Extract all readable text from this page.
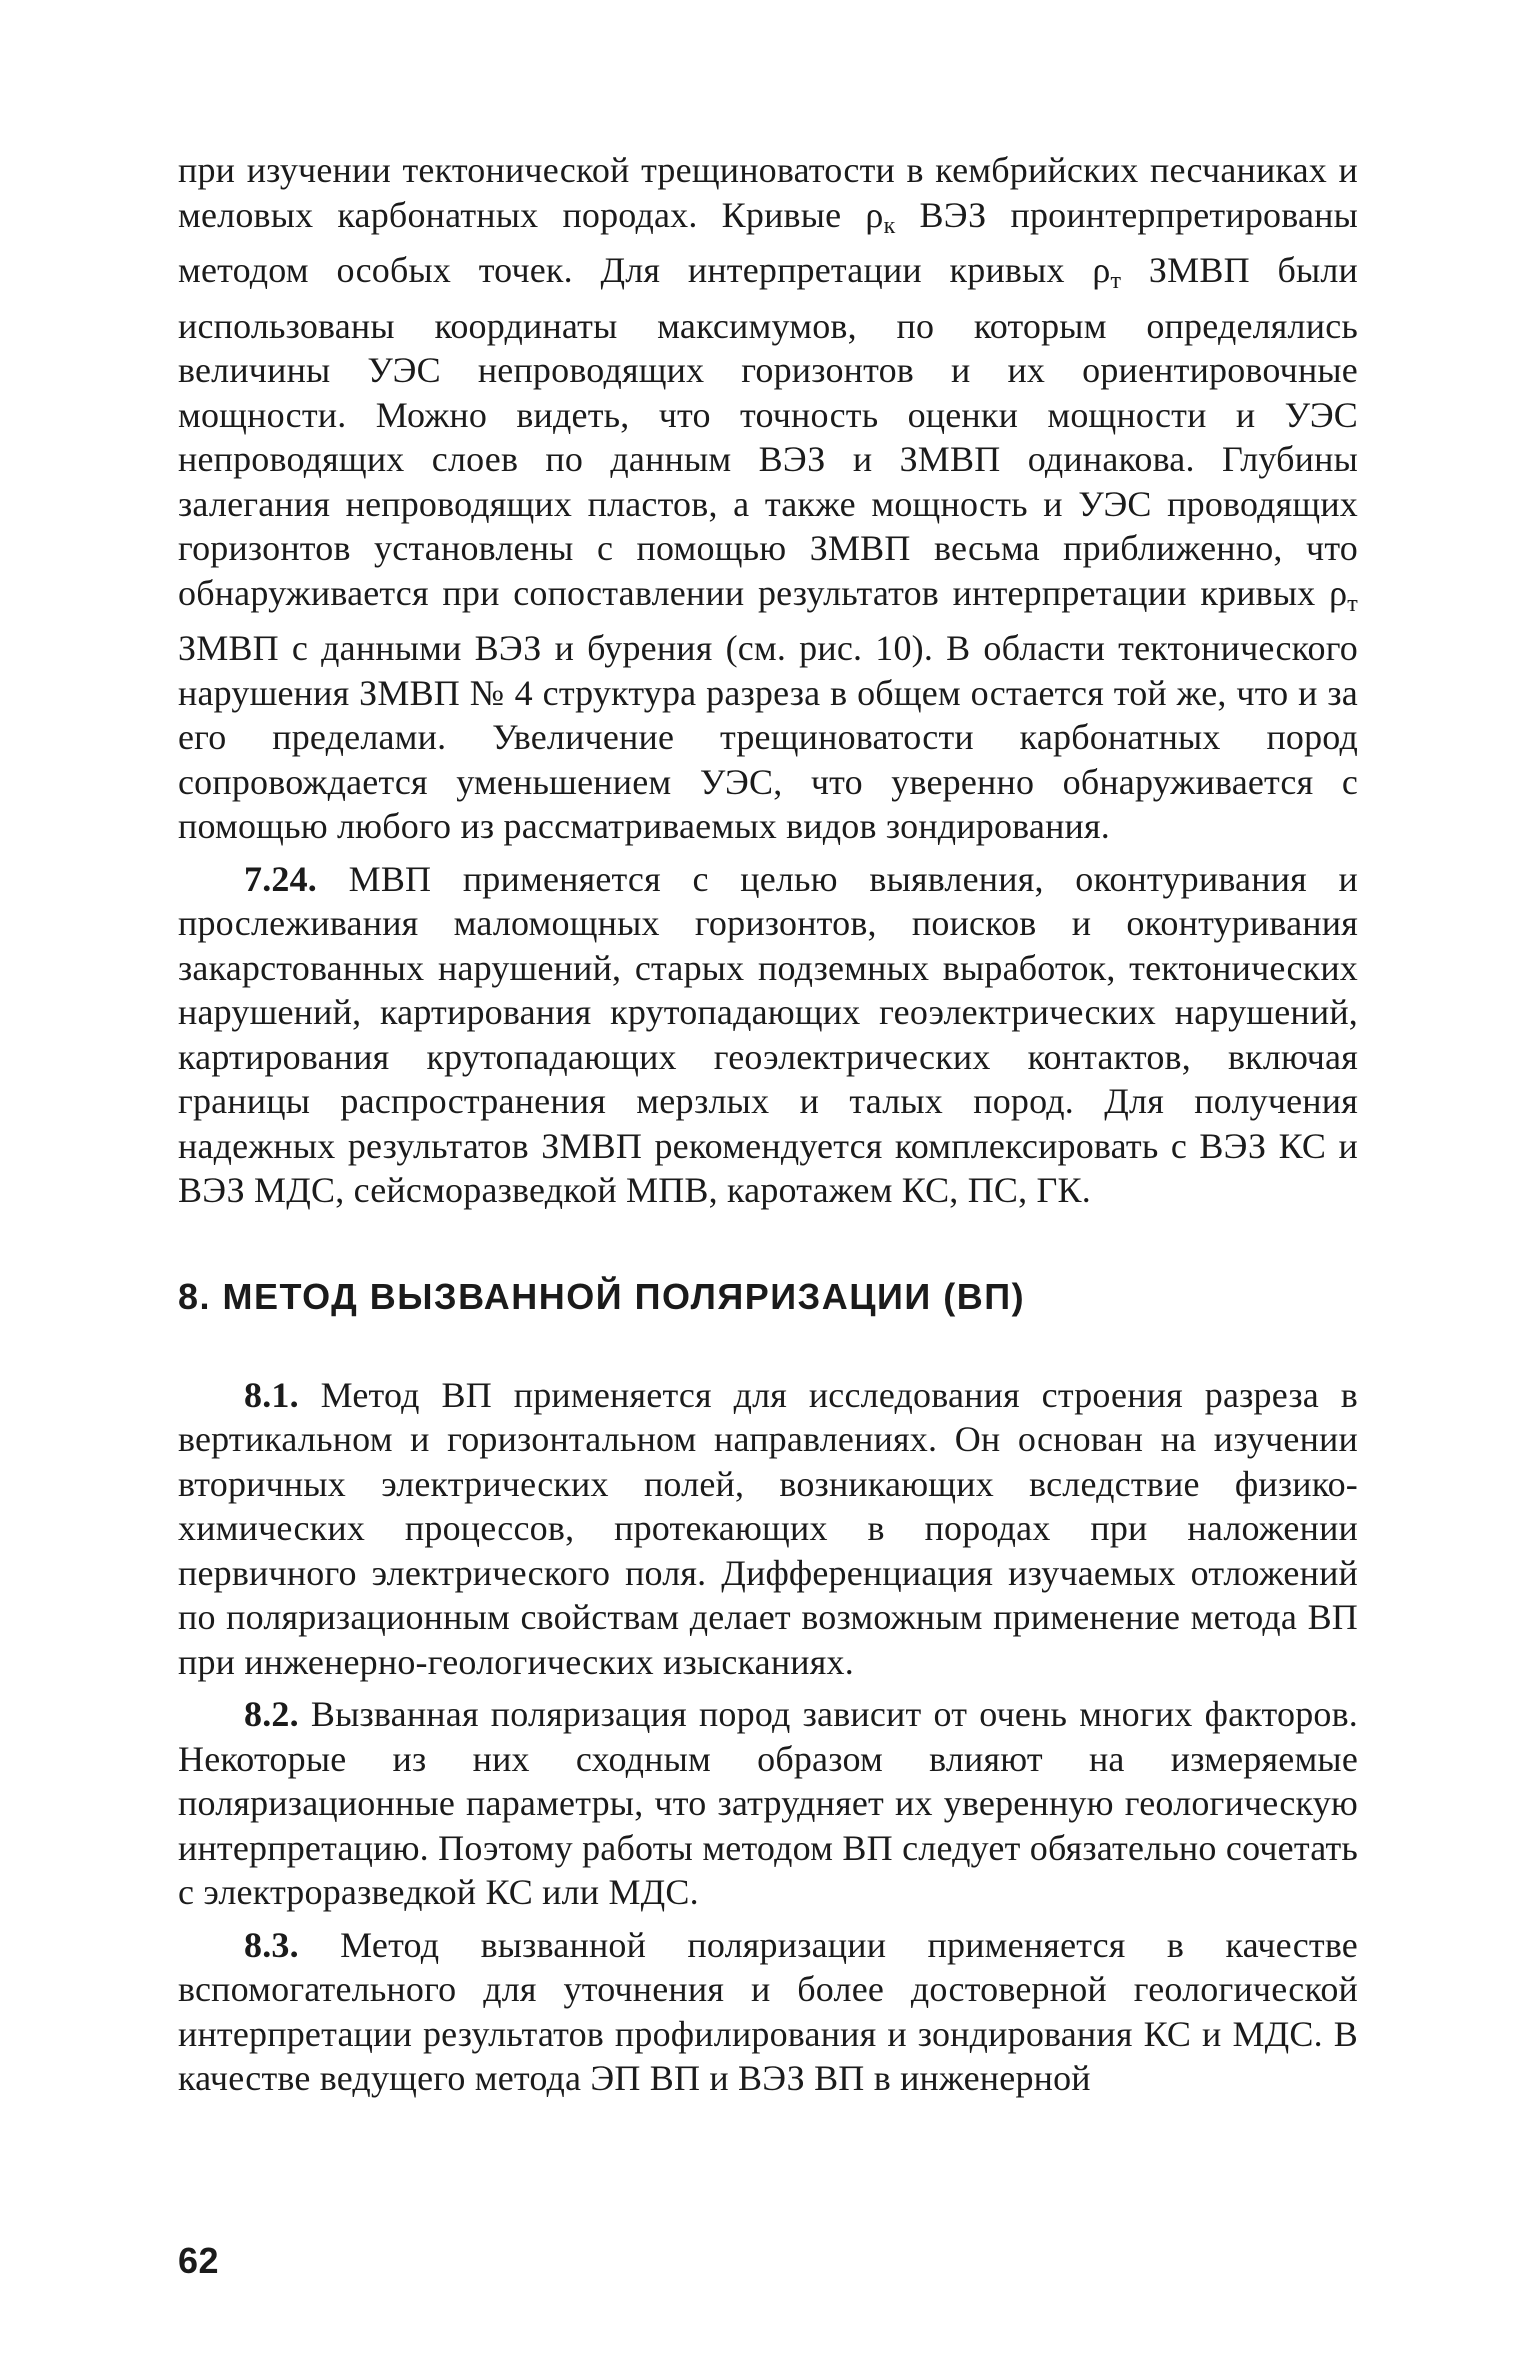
при изучении тектонической трещиноватости в кембрийских песчаниках и меловых карбонатных породах. Кривые $\rho_к$ ВЭЗ проинтерпретированы методом особых точек. Для интерпретации кривых $\rho_т$ ЗМВП были использованы координаты максимумов, по которым определялись величины УЭС непроводящих горизонтов и их ориентировочные мощности. Можно видеть, что точность оценки мощности и УЭС непроводящих слоев по данным ВЭЗ и ЗМВП одинакова. Глубины залегания непроводящих пластов, а также мощность и УЭС проводящих горизонтов установлены с помощью ЗМВП весьма приближенно, что обнаруживается при сопоставлении результатов интерпретации кривых $\rho_т$ ЗМВП с данными ВЭЗ и бурения (см. рис. 10). В области тектонического нарушения ЗМВП № 4 структура разреза в общем остается той же, что и за его пределами. Увеличение трещиноватости карбонатных пород сопровождается уменьшением УЭС, что уверенно обнаруживается с помощью любого из рассматриваемых видов зондирования.

7.24. МВП применяется с целью выявления, оконтуривания и прослеживания маломощных горизонтов, поисков и оконтуривания закарстованных нарушений, старых подземных выработок, тектонических нарушений, картирования крутопадающих геоэлектрических нарушений, картирования крутопадающих геоэлектрических контактов, включая границы распространения мерзлых и талых пород. Для получения надежных результатов ЗМВП рекомендуется комплексировать с ВЭЗ КС и ВЭЗ МДС, сейсморазведкой МПВ, каротажем КС, ПС, ГК.

8. МЕТОД ВЫЗВАННОЙ ПОЛЯРИЗАЦИИ (ВП)

8.1. Метод ВП применяется для исследования строения разреза в вертикальном и горизонтальном направлениях. Он основан на изучении вторичных электрических полей, возникающих вследствие физико-химических процессов, протекающих в породах при наложении первичного электрического поля. Дифференциация изучаемых отложений по поляризационным свойствам делает возможным применение метода ВП при инженерно-геологических изысканиях.

8.2. Вызванная поляризация пород зависит от очень многих факторов. Некоторые из них сходным образом влияют на измеряемые поляризационные параметры, что затрудняет их уверенную геологическую интерпретацию. Поэтому работы методом ВП следует обязательно сочетать с электроразведкой КС или МДС.

8.3. Метод вызванной поляризации применяется в качестве вспомогательного для уточнения и более достоверной геологической интерпретации результатов профилирования и зондирования КС и МДС. В качестве ведущего метода ЭП ВП и ВЭЗ ВП в инженерной

62
